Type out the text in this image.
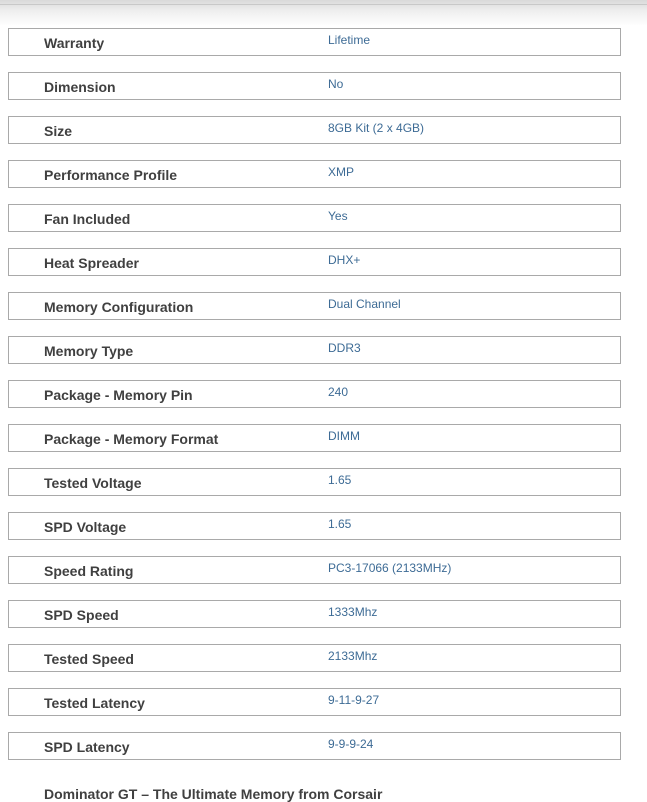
Warranty	Lifetime
Dimension	No
Size	8GB Kit (2 x 4GB)
Performance Profile	XMP
Fan Included	Yes
Heat Spreader	DHX+
Memory Configuration	Dual Channel
Memory Type	DDR3
Package - Memory Pin	240
Package - Memory Format	DIMM
Tested Voltage	1.65
SPD Voltage	1.65
Speed Rating	PC3-17066 (2133MHz)
SPD Speed	1333Mhz
Tested Speed	2133Mhz
Tested Latency	9-11-9-27
SPD Latency	9-9-9-24
Dominator GT – The Ultimate Memory from Corsair
